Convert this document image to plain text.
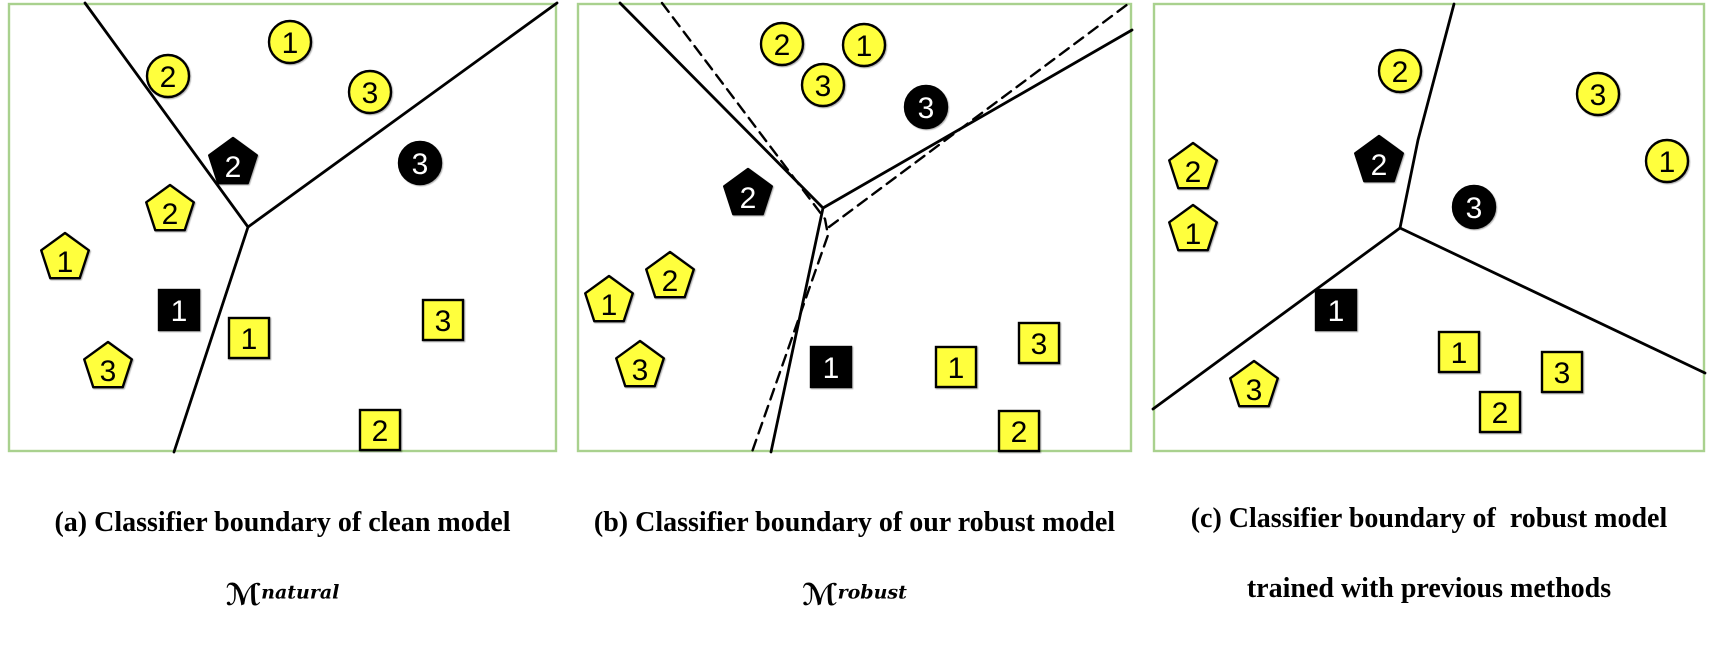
(a) Classifier boundary of clean model

ℳnatural

(b) Classifier boundary of our robust model

ℳrobust

(c) Classifier boundary of  robust model

trained with previous methods

2
1
3
2	3
2
1
1
1
3
3
2
2 1
3
3
2
2
1
3	1	1
3
2
2
3
1
2
2
1
3
1
3
1
3
2
